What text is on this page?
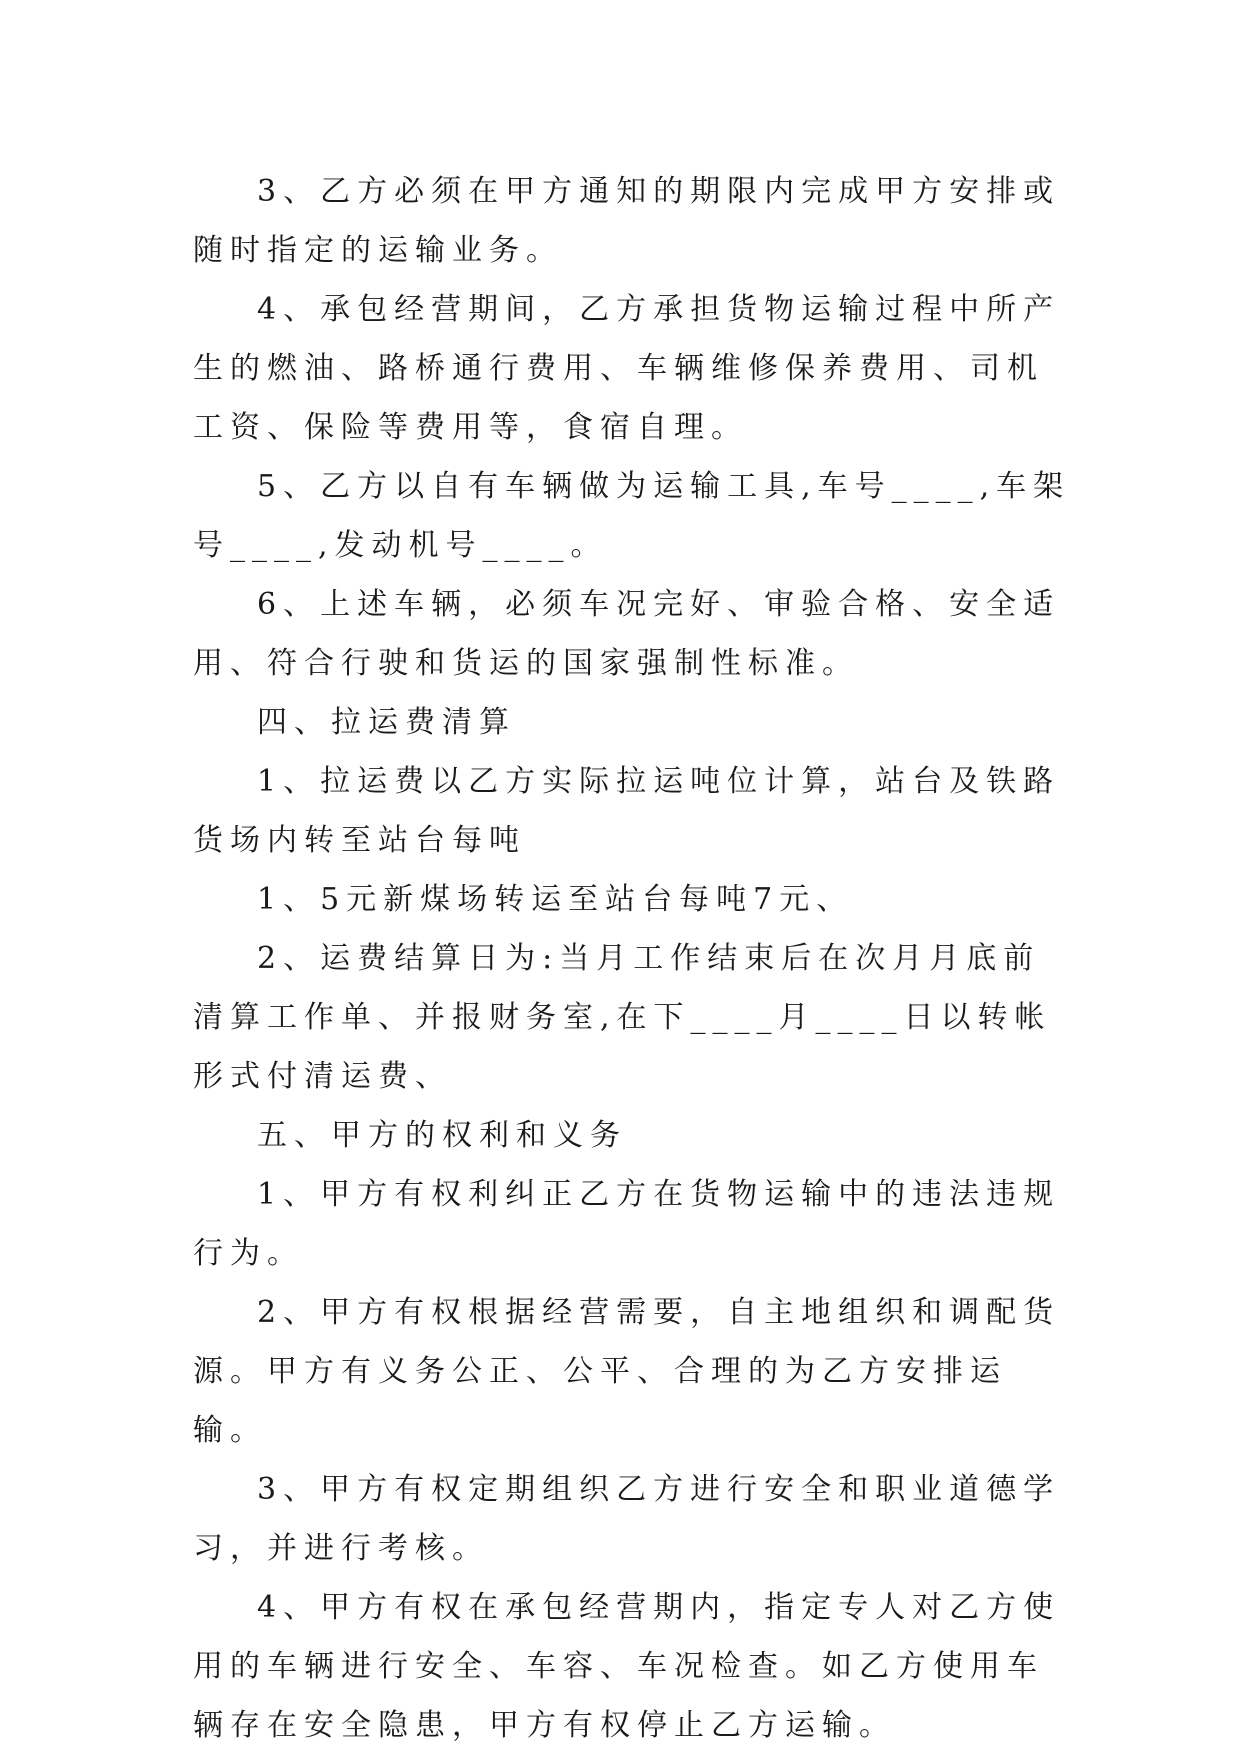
3、乙方必须在甲方通知的期限内完成甲方安排或随时指定的运输业务。

4、承包经营期间，乙方承担货物运输过程中所产生的燃油、路桥通行费用、车辆维修保养费用、司机工资、保险等费用等，食宿自理。

5、乙方以自有车辆做为运输工具,车号____,车架号____,发动机号____。

6、上述车辆，必须车况完好、审验合格、安全适用、符合行驶和货运的国家强制性标准。

四、拉运费清算

1、拉运费以乙方实际拉运吨位计算，站台及铁路货场内转至站台每吨

1、5元新煤场转运至站台每吨7元、

2、运费结算日为:当月工作结束后在次月月底前清算工作单、并报财务室,在下____月____日以转帐形式付清运费、

五、甲方的权利和义务

1、甲方有权利纠正乙方在货物运输中的违法违规行为。

2、甲方有权根据经营需要，自主地组织和调配货源。甲方有义务公正、公平、合理的为乙方安排运输。

3、甲方有权定期组织乙方进行安全和职业道德学习，并进行考核。

4、甲方有权在承包经营期内，指定专人对乙方使用的车辆进行安全、车容、车况检查。如乙方使用车辆存在安全隐患，甲方有权停止乙方运输。
